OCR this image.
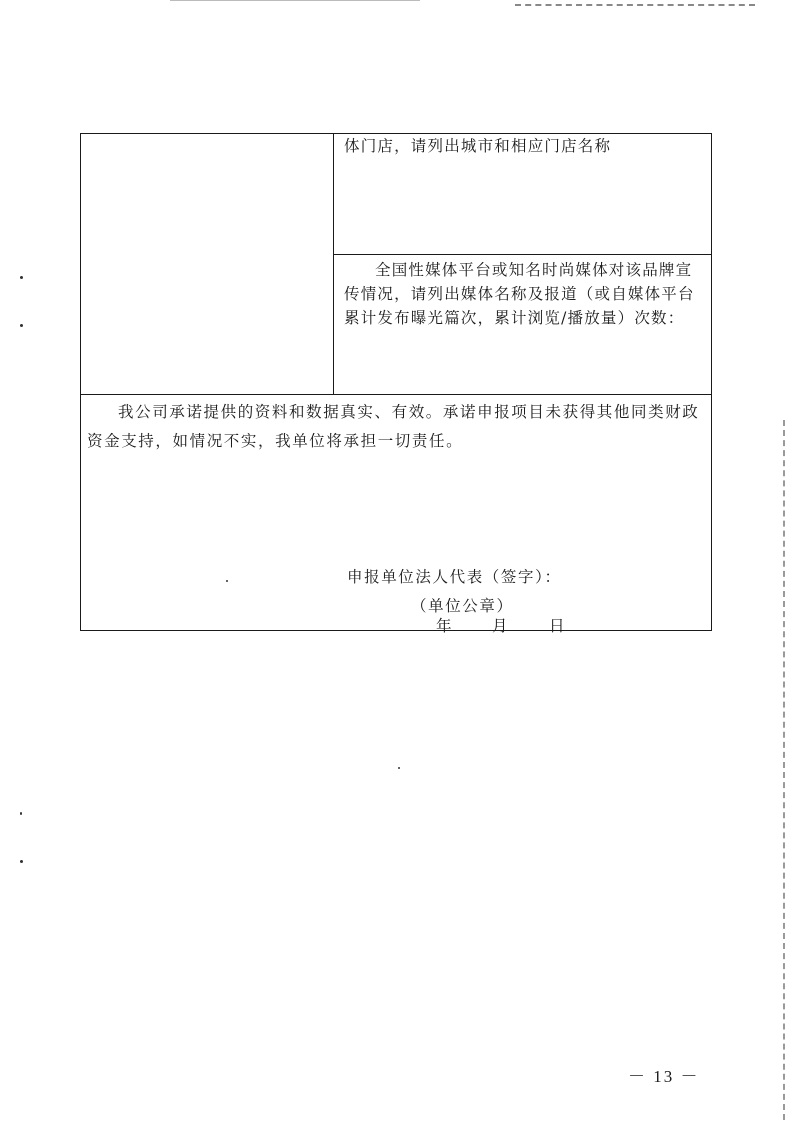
体门店，请列出城市和相应门店名称
全国性媒体平台或知名时尚媒体对该品牌宣传情况，请列出媒体名称及报道（或自媒体平台累计发布曝光篇次，累计浏览/播放量）次数：
我公司承诺提供的资料和数据真实、有效。承诺申报项目未获得其他同类财政资金支持，如情况不实，我单位将承担一切责任。
申报单位法人代表（签字）：
（单位公章）
年	月	日
－ 13 －
